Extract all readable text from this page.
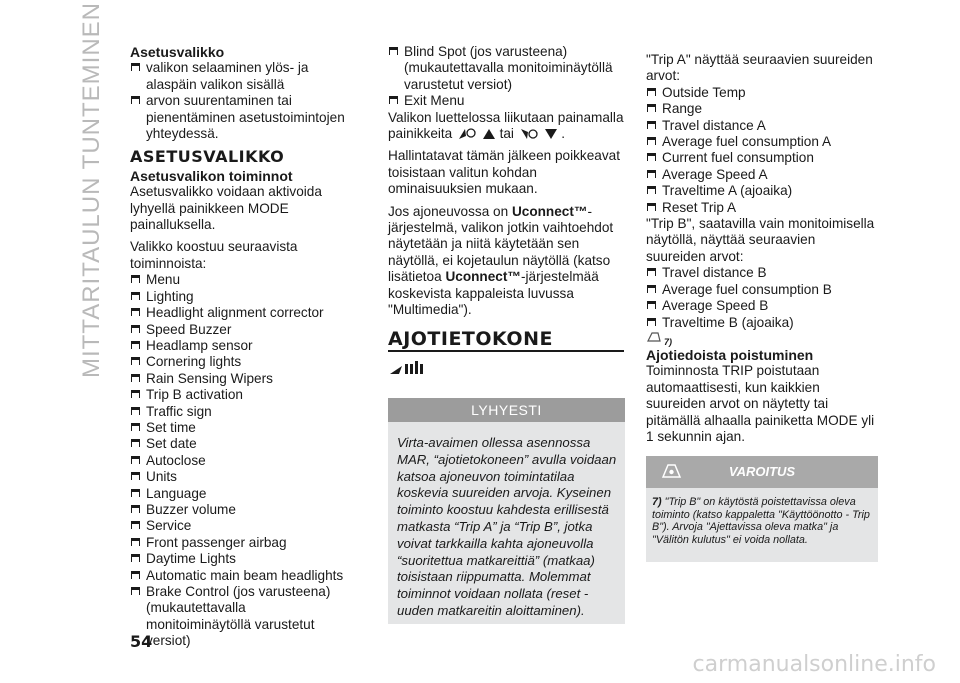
MITTARITAULUN TUNTEMINEN Asetusvalikko

valikon selaaminen ylös- ja alaspäin valikon sisällä
arvon suurentaminen tai pienentäminen asetustoimintojen yhteydessä.
ASETUSVALIKKO

Asetusvalikon toiminnot

Asetusvalikko voidaan aktivoida lyhyellä painikkeen MODE painalluksella.

Valikko koostuu seuraavista toiminnoista:

Menu
Lighting
Headlight alignment corrector
Speed Buzzer
Headlamp sensor
Cornering lights
Rain Sensing Wipers
Trip B activation
Traffic sign
Set time
Set date
Autoclose
Units
Language
Buzzer volume
Service
Front passenger airbag
Daytime Lights
Automatic main beam headlights
Brake Control (jos varusteena) (mukautettavalla monitoiminäytöllä varustetut versiot)
Blind Spot (jos varusteena) (mukautettavalla monitoiminäytöllä varustetut versiot)
Exit Menu

Valikon luettelossa liikutaan painamalla painikkeita	tai	.

Hallintatavat tämän jälkeen poikkeavat toisistaan valitun kohdan ominaisuuksien mukaan.

Jos ajoneuvossa on Uconnect™-järjestelmä, valikon jotkin vaihtoehdot näytetään ja niitä käytetään sen näytöllä, ei kojetaulun näytöllä (katso lisätietoa Uconnect™-järjestelmää koskevista kappaleista luvussa "Multimedia").

AJOTIETOKONE
LYHYESTI
Virta-avaimen ollessa asennossa MAR, “ajotietokoneen” avulla voidaan katsoa ajoneuvon toimintatilaa koskevia suureiden arvoja. Kyseinen toiminto koostuu kahdesta erillisestä matkasta “Trip A” ja “Trip B”, jotka voivat tarkkailla kahta ajoneuvolla “suoritettua matkareittiä” (matkaa) toisistaan riippumatta. Molemmat toiminnot voidaan nollata (reset - uuden matkareitin aloittaminen).

"Trip A" näyttää seuraavien suureiden arvot:

Outside Temp
Range
Travel distance A
Average fuel consumption A
Current fuel consumption
Average Speed A
Traveltime A (ajoaika)
Reset Trip A

"Trip B", saatavilla vain monitoimisella näytöllä, näyttää seuraavien suureiden arvot:

Travel distance B
Average fuel consumption B
Average Speed B
Traveltime B (ajoaika)
7)

Ajotiedoista poistuminen

Toiminnosta TRIP poistutaan automaattisesti, kun kaikkien suureiden arvot on näytetty tai pitämällä alhaalla painiketta MODE yli 1 sekunnin ajan.

VAROITUS
7) "Trip B" on käytöstä poistettavissa oleva toiminto (katso kappaletta "Käyttöönotto - Trip B"). Arvoja "Ajettavissa oleva matka" ja "Välitön kulutus" ei voida nollata.
54
carmanualsonline.info
